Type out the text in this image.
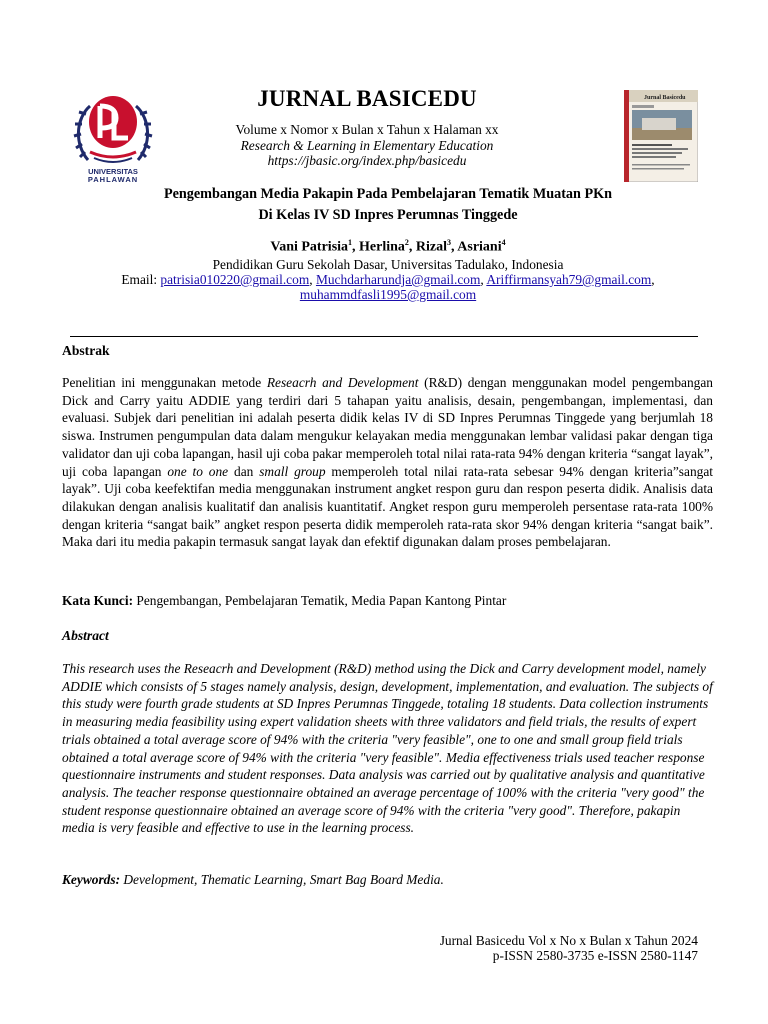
UNIVERSITAS
PAHLAWAN
Jurnal Basicedu
JURNAL BASICEDU
Volume x Nomor x Bulan x Tahun x Halaman xx
Research & Learning in Elementary Education
https://jbasic.org/index.php/basicedu
Pengembangan Media Pakapin Pada Pembelajaran Tematik Muatan PKn
Di Kelas IV SD Inpres Perumnas Tinggede
Vani Patrisia$^1$, Herlina$^2$, Rizal$^3$, Asriani$^4$
Pendidikan Guru Sekolah Dasar, Universitas Tadulako, Indonesia
Email: patrisia010220@gmail.com, Muchdarharundja@gmail.com, Ariffirmansyah79@gmail.com,
muhammdfasli1995@gmail.com
Abstrak
Penelitian ini menggunakan metode Reseacrh and Development (R&D) dengan menggunakan model pengembangan Dick and Carry yaitu ADDIE yang terdiri dari 5 tahapan yaitu analisis, desain, pengembangan, implementasi, dan evaluasi. Subjek dari penelitian ini adalah peserta didik kelas IV di SD Inpres Perumnas Tinggede yang berjumlah 18 siswa. Instrumen pengumpulan data dalam mengukur kelayakan media menggunakan lembar validasi pakar dengan tiga validator dan uji coba lapangan, hasil uji coba pakar memperoleh total nilai rata-rata 94% dengan kriteria “sangat layak”, uji coba lapangan one to one dan small group memperoleh total nilai rata-rata sebesar 94% dengan kriteria”sangat layak”. Uji coba keefektifan media menggunakan instrument angket respon guru dan respon peserta didik. Analisis data dilakukan dengan analisis kualitatif dan analisis kuantitatif. Angket respon guru memperoleh persentase rata-rata 100% dengan kriteria “sangat baik” angket respon peserta didik memperoleh rata-rata skor 94% dengan kriteria “sangat baik”. Maka dari itu media pakapin termasuk sangat layak dan efektif digunakan dalam proses pembelajaran.
Kata Kunci: Pengembangan, Pembelajaran Tematik, Media Papan Kantong Pintar
Abstract
This research uses the Reseacrh and Development (R&D) method using the Dick and Carry development model, namely ADDIE which consists of 5 stages namely analysis, design, development, implementation, and evaluation. The subjects of this study were fourth grade students at SD Inpres Perumnas Tinggede, totaling 18 students. Data collection instruments in measuring media feasibility using expert validation sheets with three validators and field trials, the results of expert trials obtained a total average score of 94% with the criteria "very feasible", one to one and small group field trials obtained a total average score of 94% with the criteria "very feasible". Media effectiveness trials used teacher response questionnaire instruments and student responses. Data analysis was carried out by qualitative analysis and quantitative analysis. The teacher response questionnaire obtained an average percentage of 100% with the criteria "very good" the student response questionnaire obtained an average score of 94% with the criteria "very good". Therefore, pakapin media is very feasible and effective to use in the learning process.
Keywords: Development, Thematic Learning, Smart Bag Board Media.
Jurnal Basicedu Vol x No x Bulan x Tahun 2024
p-ISSN 2580-3735 e-ISSN 2580-1147
